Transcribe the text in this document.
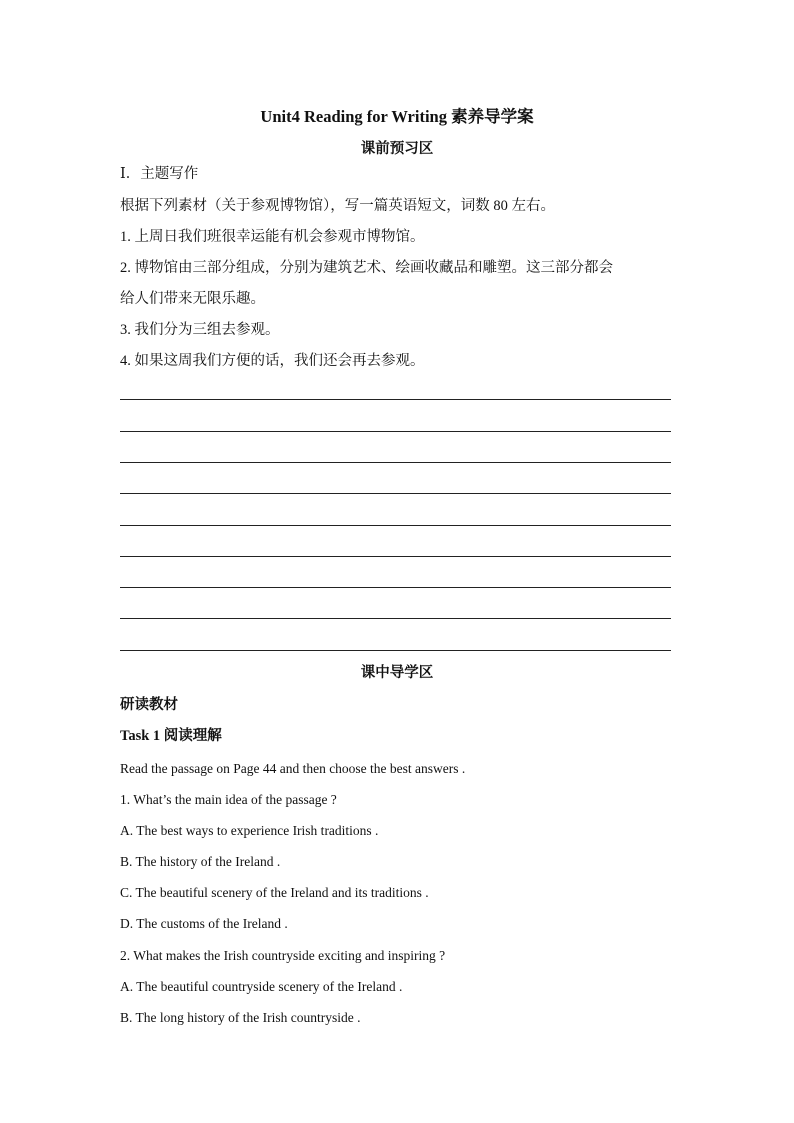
Unit4 Reading for Writing 素养导学案
课前预习区
Ⅰ．主题写作
根据下列素材（关于参观博物馆），写一篇英语短文，词数 80 左右。
1. 上周日我们班很幸运能有机会参观市博物馆。
2. 博物馆由三部分组成，分别为建筑艺术、绘画收藏品和雕塑。这三部分都会
给人们带来无限乐趣。
3. 我们分为三组去参观。
4. 如果这周我们方便的话，我们还会再去参观。
课中导学区
研读教材
Task 1 阅读理解
Read the passage on Page 44 and then choose the best answers .
1. What’s the main idea of the passage ?
A. The best ways to experience Irish traditions .
B. The history of the Ireland .
C. The beautiful scenery of the Ireland and its traditions .
D. The customs of the Ireland .
2. What makes the Irish countryside exciting and inspiring ?
A. The beautiful countryside scenery of the Ireland .
B. The long history of the Irish countryside .
